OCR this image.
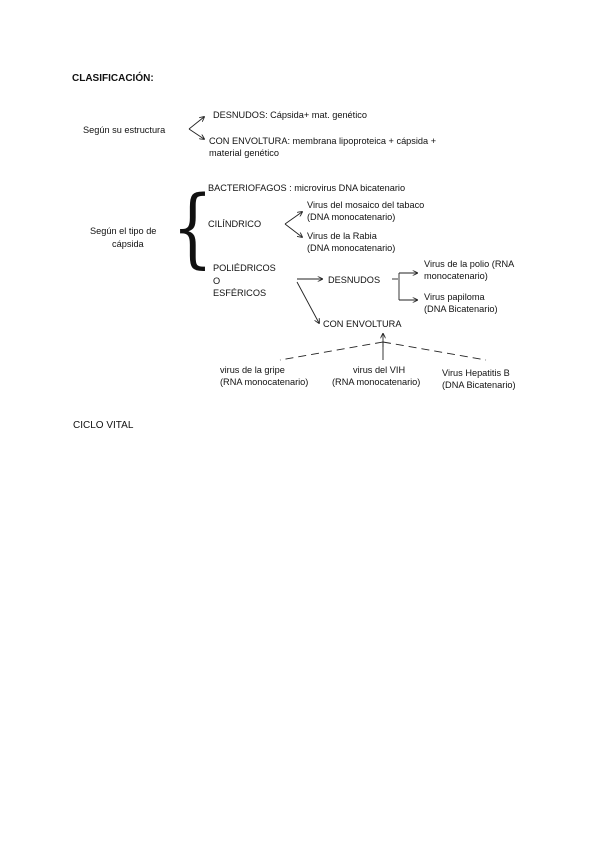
CLASIFICACIÓN:
Según su estructura
DESNUDOS: Cápsida+ mat. genético
CON ENVOLTURA: membrana lipoproteica + cápsida +
material genético
Según el tipo de
cápsida {
BACTERIOFAGOS : microvirus DNA bicatenario
CILÍNDRICO
Virus del mosaico del tabaco
(DNA monocatenario)
Virus de la Rabia
(DNA monocatenario)
POLIÉDRICOS
O
ESFÉRICOS
DESNUDOS
Virus de la polio (RNA
monocatenario)
Virus papiloma
(DNA Bicatenario)
CON ENVOLTURA
virus de la gripe
(RNA monocatenario)
virus del VIH
(RNA monocatenario)
Virus Hepatitis B
(DNA Bicatenario)
CICLO VITAL
